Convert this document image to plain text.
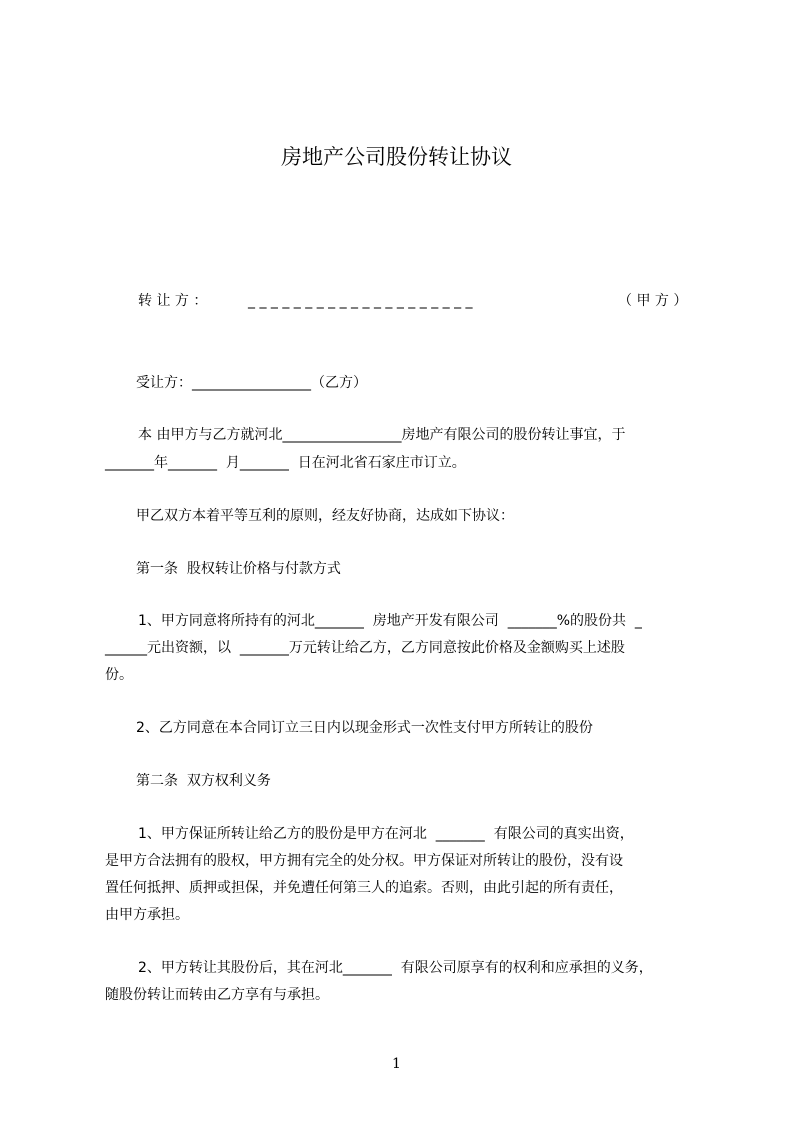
房地产公司股份转让协议
转 让 方 ：	_ _ _ _ _ _ _ _ _ _ _ _ _ _ _ _ _ _ _ _	（ 甲 方 ）
受让方：_________________（乙方）
本 由甲方与乙方就河北_________________房地产有限公司的股份转让事宜，于
_______年_______  月_______  日在河北省石家庄市订立。
甲乙双方本着平等互利的原则，经友好协商，达成如下协议：
第一条  股权转让价格与付款方式
1、甲方同意将所持有的河北_______  房地产开发有限公司  _______%的股份共  _
______元出资额，以  _______万元转让给乙方，乙方同意按此价格及金额购买上述股
份。
2、乙方同意在本合同订立三日内以现金形式一次性支付甲方所转让的股份
第二条  双方权利义务
1、甲方保证所转让给乙方的股份是甲方在河北  _______  有限公司的真实出资，
是甲方合法拥有的股权，甲方拥有完全的处分权。甲方保证对所转让的股份，没有设
置任何抵押、质押或担保，并免遭任何第三人的追索。否则，由此引起的所有责任，
由甲方承担。
2、甲方转让其股份后，其在河北_______  有限公司原享有的权利和应承担的义务，
随股份转让而转由乙方享有与承担。
1
